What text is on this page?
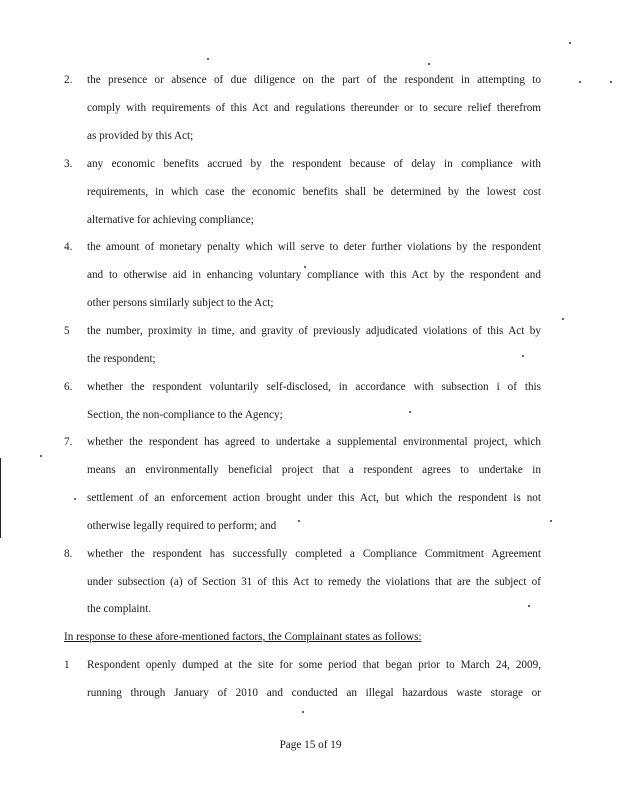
2. the presence or absence of due diligence on the part of the respondent in attempting to
comply with requirements of this Act and regulations thereunder or to secure relief therefrom
as provided by this Act;
3. any economic benefits accrued by the respondent because of delay in compliance with
requirements, in which case the economic benefits shall be determined by the lowest cost
alternative for achieving compliance;
4. the amount of monetary penalty which will serve to deter further violations by the respondent
and to otherwise aid in enhancing voluntary compliance with this Act by the respondent and
other persons similarly subject to the Act;
5 the number, proximity in time, and gravity of previously adjudicated violations of this Act by
the respondent;
6. whether the respondent voluntarily self-disclosed, in accordance with subsection i of this
Section, the non-compliance to the Agency;
7. whether the respondent has agreed to undertake a supplemental environmental project, which
means an environmentally beneficial project that a respondent agrees to undertake in
settlement of an enforcement action brought under this Act, but which the respondent is not
otherwise legally required to perform; and
8. whether the respondent has successfully completed a Compliance Commitment Agreement
under subsection (a) of Section 31 of this Act to remedy the violations that are the subject of
the complaint.
In response to these afore-mentioned factors, the Complainant states as follows:
1 Respondent openly dumped at the site for some period that began prior to March 24, 2009,
running through January of 2010 and conducted an illegal hazardous waste storage or
Page 15 of 19
